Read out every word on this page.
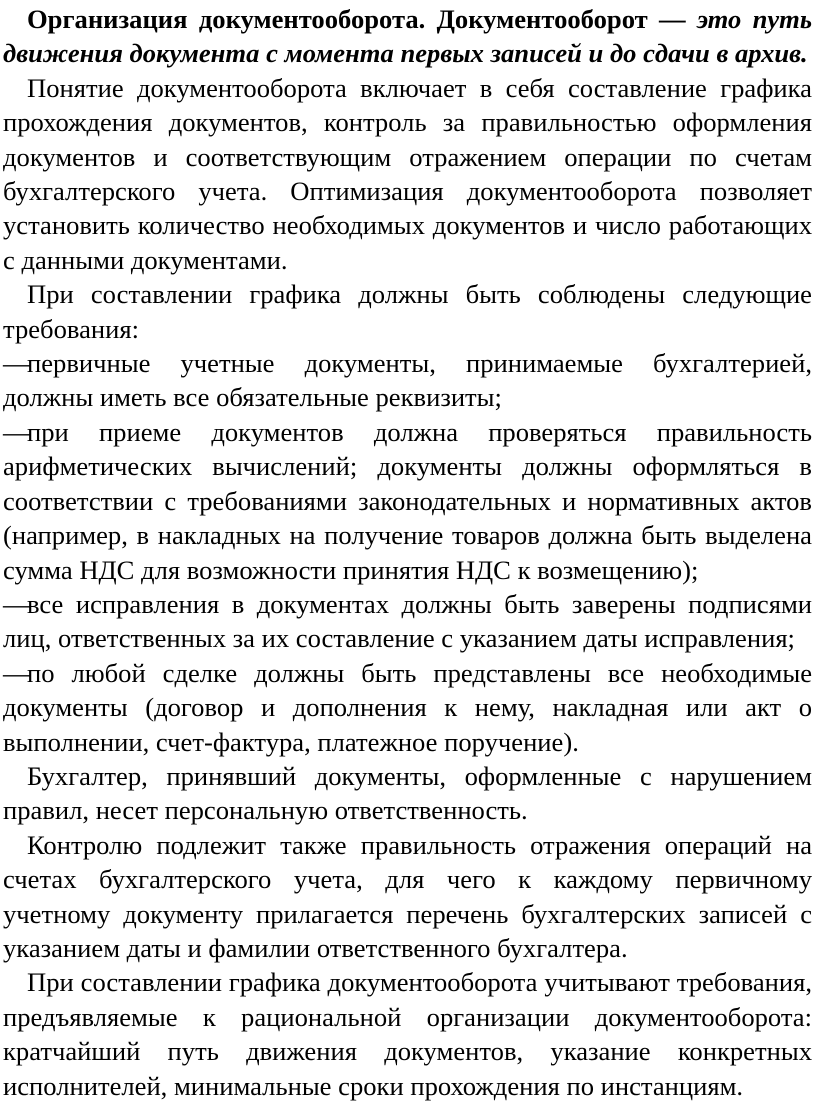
Организация документооборота. Документооборот — это путь движения документа с момента первых записей и до сдачи в архив.

Понятие документооборота включает в себя составление графика прохождения документов, контроль за правильностью оформления документов и соответствующим отражением операции по счетам бухгалтерского учета. Оптимизация документооборота позволяет установить количество необходимых документов и число работающих с данными документами.

При составлении графика должны быть соблюдены следующие требования:

—первичные учетные документы, принимаемые бухгалтерией, должны иметь все обязательные реквизиты;

—при приеме документов должна проверяться правильность арифметических вычислений; документы должны оформляться в соответствии с требованиями законодательных и нормативных актов (например, в накладных на получение товаров должна быть выделена сумма НДС для возможности принятия НДС к возмещению);

—все исправления в документах должны быть заверены подписями лиц, ответственных за их составление с указанием даты исправления;

—по любой сделке должны быть представлены все необходимые документы (договор и дополнения к нему, накладная или акт о выполнении, счет-фактура, платежное поручение).

Бухгалтер, принявший документы, оформленные с нарушением правил, несет персональную ответственность.

Контролю подлежит также правильность отражения операций на счетах бухгалтерского учета, для чего к каждому первичному учетному документу прилагается перечень бухгалтерских записей с указанием даты и фамилии ответственного бухгалтера.

При составлении графика документооборота учитывают требования, предъявляемые к рациональной организации документооборота: кратчайший путь движения документов, указание конкретных исполнителей, минимальные сроки прохождения по инстанциям.
